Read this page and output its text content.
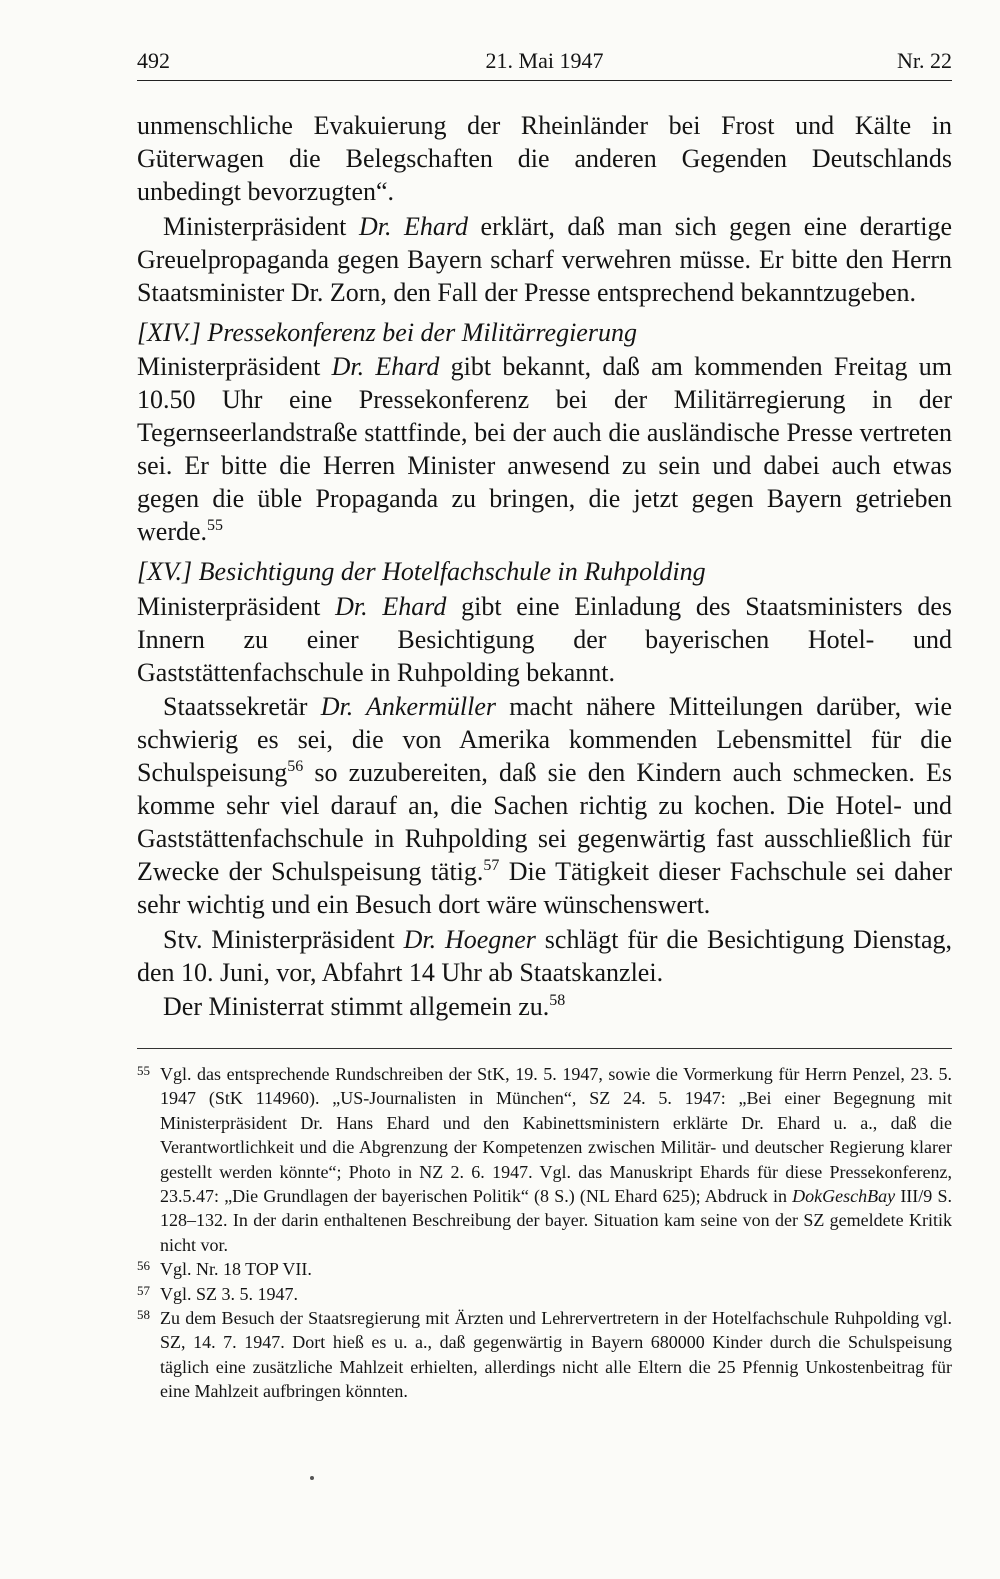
492	21. Mai 1947	Nr. 22

unmenschliche Evakuierung der Rheinländer bei Frost und Kälte in Güterwagen die Belegschaften die anderen Gegenden Deutschlands unbedingt bevorzugten“.

Ministerpräsident Dr. Ehard erklärt, daß man sich gegen eine derartige Greuelpropaganda gegen Bayern scharf verwehren müsse. Er bitte den Herrn Staatsminister Dr. Zorn, den Fall der Presse entsprechend bekanntzugeben.

[XIV.] Pressekonferenz bei der Militärregierung

Ministerpräsident Dr. Ehard gibt bekannt, daß am kommenden Freitag um 10.50 Uhr eine Pressekonferenz bei der Militärregierung in der Tegernseerlandstraße stattfinde, bei der auch die ausländische Presse vertreten sei. Er bitte die Herren Minister anwesend zu sein und dabei auch etwas gegen die üble Propaganda zu bringen, die jetzt gegen Bayern getrieben werde.$^{55}$

[XV.] Besichtigung der Hotelfachschule in Ruhpolding

Ministerpräsident Dr. Ehard gibt eine Einladung des Staatsministers des Innern zu einer Besichtigung der bayerischen Hotel- und Gaststättenfachschule in Ruhpolding bekannt.

Staatssekretär Dr. Ankermüller macht nähere Mitteilungen darüber, wie schwierig es sei, die von Amerika kommenden Lebensmittel für die Schulspeisung$^{56}$ so zuzubereiten, daß sie den Kindern auch schmecken. Es komme sehr viel darauf an, die Sachen richtig zu kochen. Die Hotel- und Gaststättenfachschule in Ruhpolding sei gegenwärtig fast ausschließlich für Zwecke der Schulspeisung tätig.$^{57}$ Die Tätigkeit dieser Fachschule sei daher sehr wichtig und ein Besuch dort wäre wünschenswert.

Stv. Ministerpräsident Dr. Hoegner schlägt für die Besichtigung Dienstag, den 10. Juni, vor, Abfahrt 14 Uhr ab Staatskanzlei.

Der Ministerrat stimmt allgemein zu.$^{58}$

55 Vgl. das entsprechende Rundschreiben der StK, 19. 5. 1947, sowie die Vormerkung für Herrn Penzel, 23. 5. 1947 (StK 114960). „US-Journalisten in München“, SZ 24. 5. 1947: „Bei einer Begegnung mit Ministerpräsident Dr. Hans Ehard und den Kabinettsministern erklärte Dr. Ehard u. a., daß die Verantwortlichkeit und die Abgrenzung der Kompetenzen zwischen Militär- und deutscher Regierung klarer gestellt werden könnte“; Photo in NZ 2. 6. 1947. Vgl. das Manuskript Ehards für diese Pressekonferenz, 23.5.47: „Die Grundlagen der bayerischen Politik“ (8 S.) (NL Ehard 625); Abdruck in DokGeschBay III/9 S. 128–132. In der darin enthaltenen Beschreibung der bayer. Situation kam seine von der SZ gemeldete Kritik nicht vor.
56 Vgl. Nr. 18 TOP VII.
57 Vgl. SZ 3. 5. 1947.
58 Zu dem Besuch der Staatsregierung mit Ärzten und Lehrervertretern in der Hotelfachschule Ruhpolding vgl. SZ, 14. 7. 1947. Dort hieß es u. a., daß gegenwärtig in Bayern 680000 Kinder durch die Schulspeisung täglich eine zusätzliche Mahlzeit erhielten, allerdings nicht alle Eltern die 25 Pfennig Unkostenbeitrag für eine Mahlzeit aufbringen könnten.
